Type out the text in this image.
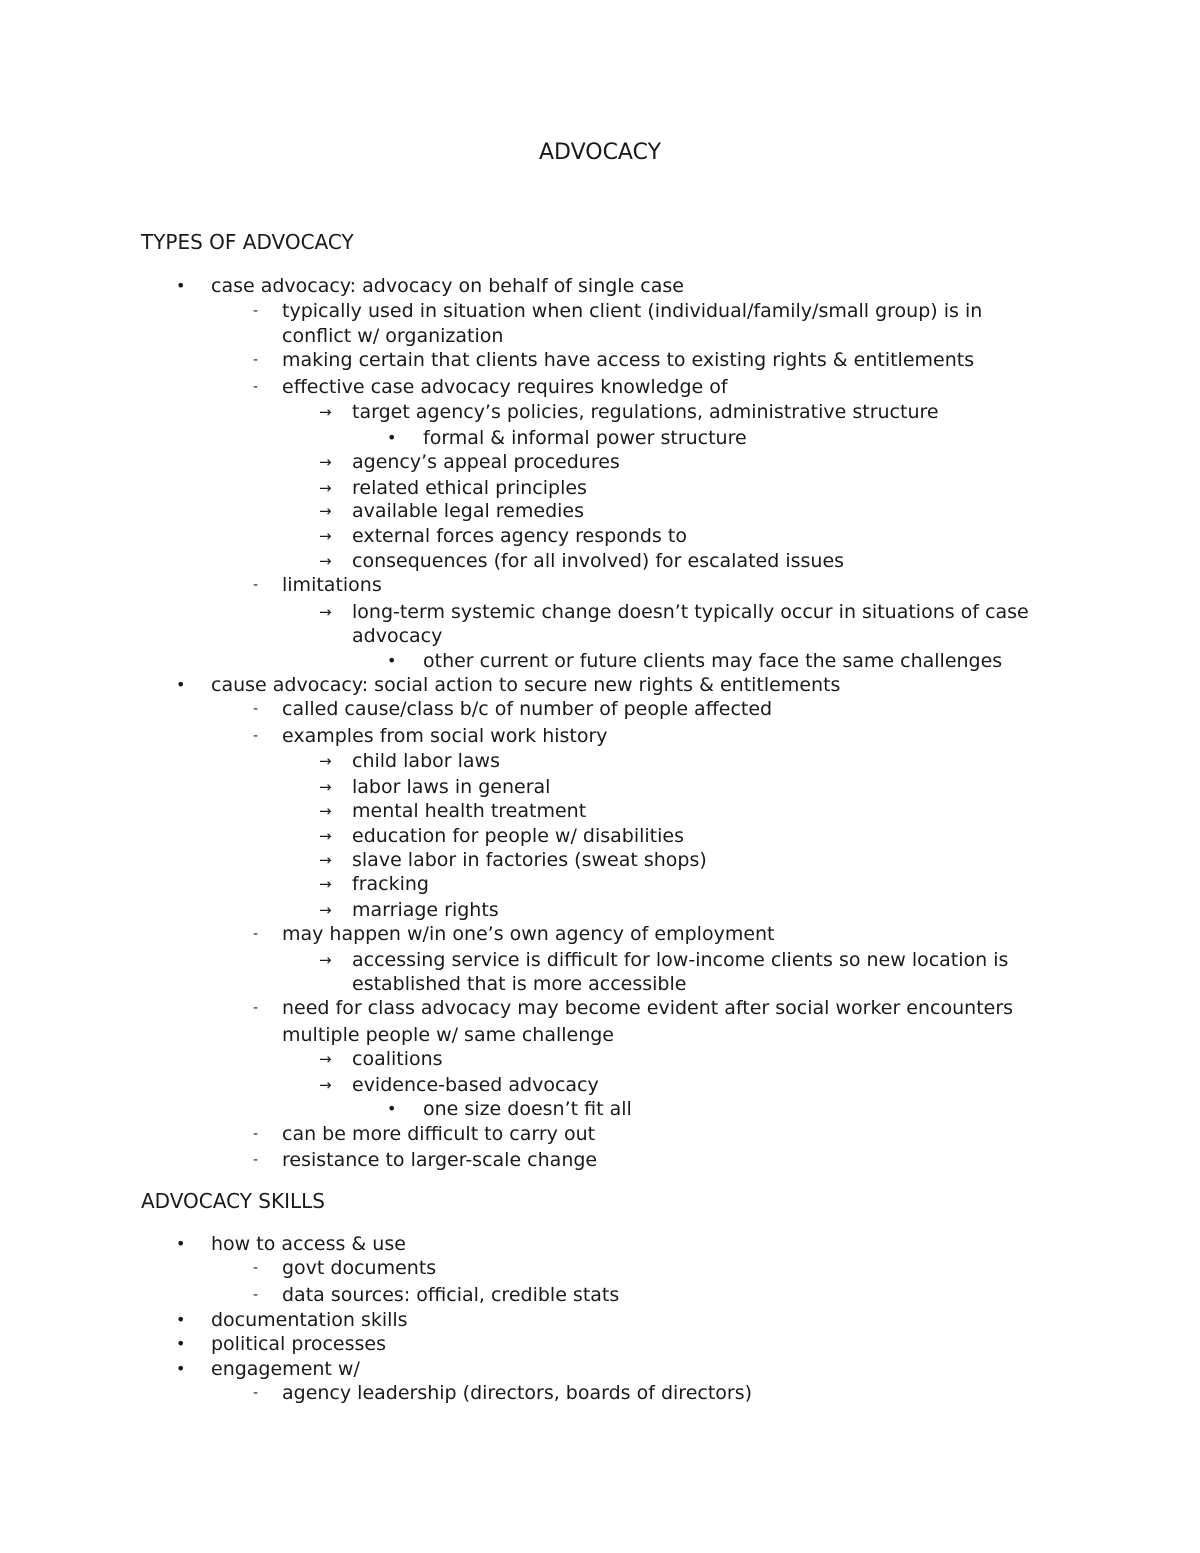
ADVOCACY
TYPES OF ADVOCACY
ADVOCACY SKILLS
• case advocacy: advocacy on behalf of single case
- typically used in situation when client (individual/family/small group) is in
conflict w/ organization
- making certain that clients have access to existing rights & entitlements
- effective case advocacy requires knowledge of
→ target agency’s policies, regulations, administrative structure
• formal & informal power structure
→ agency’s appeal procedures
→ related ethical principles
→ available legal remedies
→ external forces agency responds to
→ consequences (for all involved) for escalated issues
- limitations
→ long-term systemic change doesn’t typically occur in situations of case
advocacy
• other current or future clients may face the same challenges
• cause advocacy: social action to secure new rights & entitlements
- called cause/class b/c of number of people affected
- examples from social work history
→ child labor laws
→ labor laws in general
→ mental health treatment
→ education for people w/ disabilities
→ slave labor in factories (sweat shops)
→ fracking
→ marriage rights
- may happen w/in one’s own agency of employment
→ accessing service is difficult for low-income clients so new location is
established that is more accessible
- need for class advocacy may become evident after social worker encounters
multiple people w/ same challenge
→ coalitions
→ evidence-based advocacy
• one size doesn’t fit all
- can be more difficult to carry out
- resistance to larger-scale change
• how to access & use
- govt documents
- data sources: official, credible stats
• documentation skills
• political processes
• engagement w/
- agency leadership (directors, boards of directors)
